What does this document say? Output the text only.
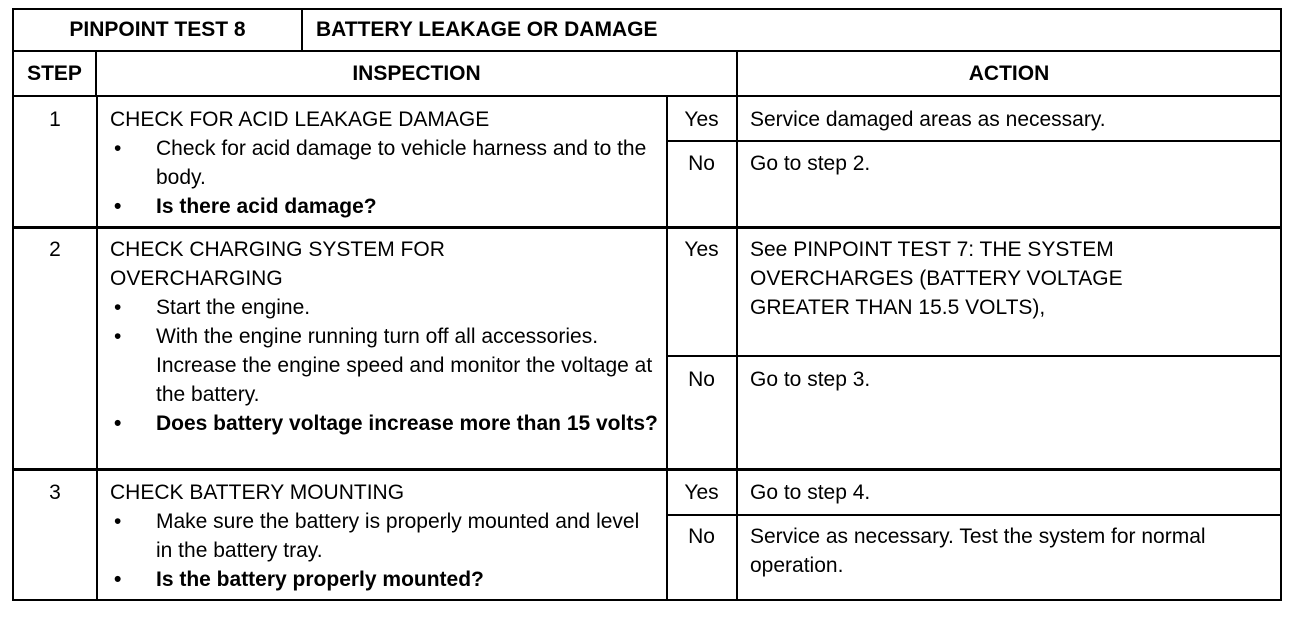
PINPOINT TEST 8	BATTERY LEAKAGE OR DAMAGE
STEP	INSPECTION	ACTION
1	CHECK FOR ACID LEAKAGE DAMAGE
• Check for acid damage to vehicle harness and to the body.
• Is there acid damage?
Yes	Service damaged areas as necessary.
No	Go to step 2.
2	CHECK CHARGING SYSTEM FOR OVERCHARGING
• Start the engine.
• With the engine running turn off all accessories. Increase the engine speed and monitor the voltage at the battery.
• Does battery voltage increase more than 15 volts?
Yes	See PINPOINT TEST 7: THE SYSTEM OVERCHARGES (BATTERY VOLTAGE GREATER THAN 15.5 VOLTS),
No	Go to step 3.
3	CHECK BATTERY MOUNTING
• Make sure the battery is properly mounted and level in the battery tray.
• Is the battery properly mounted?
Yes	Go to step 4.
No	Service as necessary. Test the system for normal operation.
